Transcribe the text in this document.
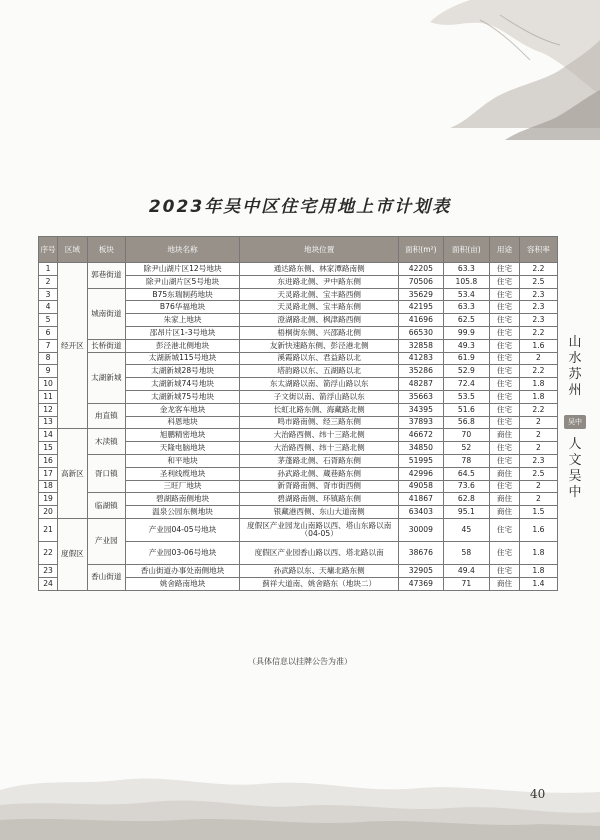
2023年吴中区住宅用地上市计划表
序号	区域	板块	地块名称	地块位置	面积(m²)	面积(亩)	用途	容积率
1	经开区	郭巷街道	除尹山湖片区12号地块	通达路东侧、林家潭路南侧	42205	63.3	住宅	2.2
2			除尹山湖片区5号地块	东进路北侧、尹中路东侧	70506	105.8	住宅	2.5
3		城南街道	B75东瑞制药地块	天灵路北侧、宝丰路西侧	35629	53.4	住宅	2.3
4			B76华福地块	天灵路北侧、宝丰路东侧	42195	63.3	住宅	2.3
5			朱家上地块	澄湖路北侧、枫津路西侧	41696	62.5	住宅	2.3
6			邵昂片区1-3号地块	梧桐街东侧、兴邵路北侧	66530	99.9	住宅	2.2
7		长桥街道	彭泾港北侧地块	友新快速路东侧、彭泾港北侧	32858	49.3	住宅	1.6
8		太湖新城	太湖新城115号地块	溪霞路以东、君益路以北	41283	61.9	住宅	2
9			太湖新城28号地块	塔韵路以东、五湖路以北	35286	52.9	住宅	2.2
10			太湖新城74号地块	东太湖路以南、箭浮山路以东	48287	72.4	住宅	1.8
11			太湖新城75号地块	子文街以南、箭浮山路以东	35663	53.5	住宅	1.8
12		甪直镇	金龙客车地块	长虹北路东侧、海藏路北侧	34395	51.6	住宅	2.2
13			科恩地块	鸣市路南侧、经三路东侧	37893	56.8	住宅	2
14	高新区	木渎镇	旭鹏精密地块	大治路西侧、纬十三路北侧	46672	70	商住	2
15			天隆电脑地块	大治路西侧、纬十三路北侧	34850	52	住宅	2
16		胥口镇	和平地块	茅蓬路北侧、石胥路东侧	51995	78	住宅	2.3
17			圣利线缆地块	孙武路北侧、蔵巷路东侧	42996	64.5	商住	2.5
18			三旺厂地块	新胥路南侧、胥市街西侧	49058	73.6	住宅	2
19		临湖镇	碧湖路南侧地块	碧湖路南侧、环镇路东侧	41867	62.8	商住	2
20			温泉公园东侧地块	银藏港西侧、东山大道南侧	63403	95.1	商住	1.5
21	度假区	产业园	产业园04-05号地块	度假区产业园龙山南路以西、塔山东路以南（04-05）	30009	45	住宅	1.6
22			产业园03-06号地块	度假区产业园香山路以西、塔北路以南	38676	58	住宅	1.8
23		香山街道	香山街道办事处南侧地块	孙武路以东、天墉北路东侧	32905	49.4	住宅	1.8
24			姚舍路南地块	蓟祥大道南、姚舍路东（地块二）	47369	71	商住	1.4
（具体信息以挂牌公告为准）
山水苏州
吴中
人文吴中
40
